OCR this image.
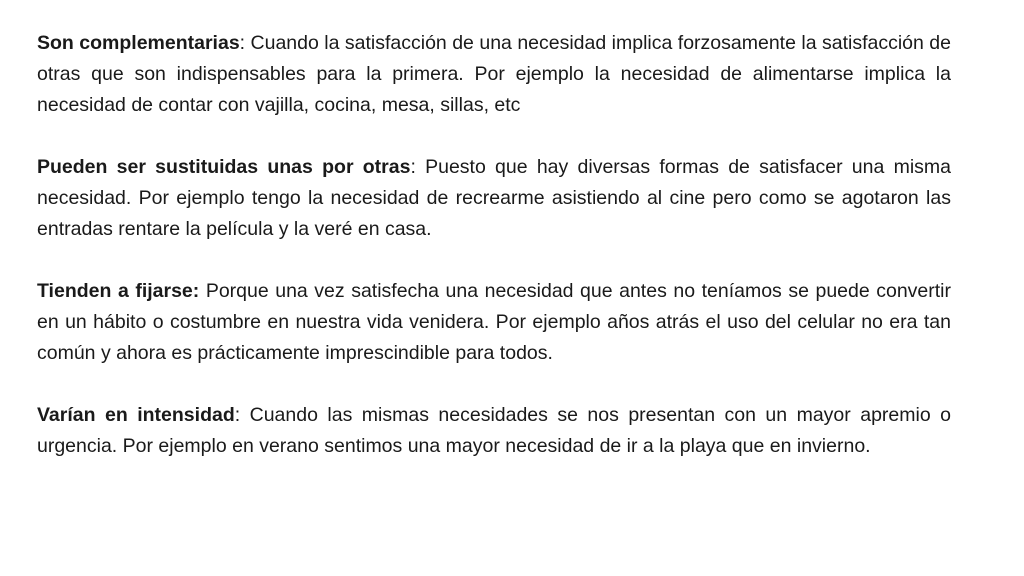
Son complementarias: Cuando la satisfacción de una necesidad implica forzosamente la satisfacción de otras que son indispensables para la primera. Por ejemplo la necesidad de alimentarse implica la necesidad de contar con vajilla, cocina, mesa, sillas, etc

Pueden ser sustituidas unas por otras: Puesto que hay diversas formas de satisfacer una misma necesidad. Por ejemplo tengo la necesidad de recrearme asistiendo al cine pero como se agotaron las entradas rentare la película y la veré en casa.

Tienden a fijarse: Porque una vez satisfecha una necesidad que antes no teníamos se puede convertir en un hábito o costumbre en nuestra vida venidera. Por ejemplo años atrás el uso del celular no era tan común y ahora es prácticamente imprescindible para todos.

Varían en intensidad: Cuando las mismas necesidades se nos presentan con un mayor apremio o urgencia. Por ejemplo en verano sentimos una mayor necesidad de ir a la playa que en invierno.
